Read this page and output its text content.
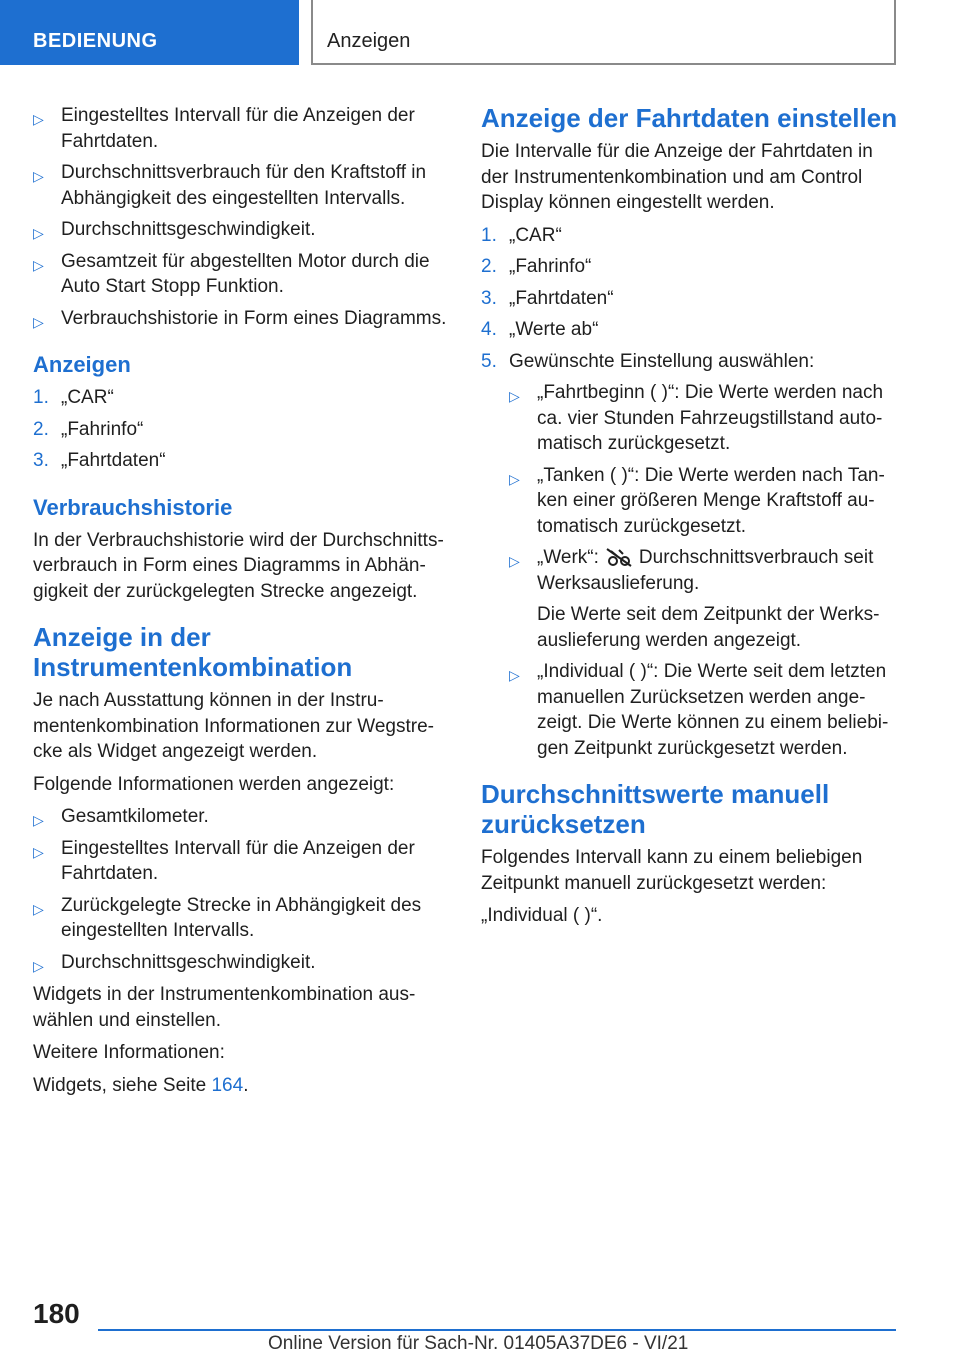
BEDIENUNG	Anzeigen
▷ Eingestelltes Intervall für die Anzeigen der Fahrtdaten.
▷ Durchschnittsverbrauch für den Kraftstoff in Abhängigkeit des eingestellten Intervalls.
▷ Durchschnittsgeschwindigkeit.
▷ Gesamtzeit für abgestellten Motor durch die Auto Start Stopp Funktion.
▷ Verbrauchshistorie in Form eines Diagramms.
Anzeigen
1. „CAR“
2. „Fahrinfo“
3. „Fahrtdaten“
Verbrauchshistorie

In der Verbrauchshistorie wird der Durchschnittsverbrauch in Form eines Diagramms in Abhängigkeit der zurückgelegten Strecke angezeigt.

Anzeige in der Instrumentenkombination

Je nach Ausstattung können in der Instrumentenkombination Informationen zur Wegstrecke als Widget angezeigt werden.

Folgende Informationen werden angezeigt:

▷ Gesamtkilometer.
▷ Eingestelltes Intervall für die Anzeigen der Fahrtdaten.
▷ Zurückgelegte Strecke in Abhängigkeit des eingestellten Intervalls.
▷ Durchschnittsgeschwindigkeit.

Widgets in der Instrumentenkombination auswählen und einstellen.

Weitere Informationen:

Widgets, siehe Seite 164.

Anzeige der Fahrtdaten einstellen

Die Intervalle für die Anzeige der Fahrtdaten in der Instrumentenkombination und am Control Display können eingestellt werden.

1. „CAR“
2. „Fahrinfo“
3. „Fahrtdaten“
4. „Werte ab“
5. Gewünschte Einstellung auswählen:
▷ „Fahrtbeginn ( )“: Die Werte werden nach ca. vier Stunden Fahrzeugstillstand automatisch zurückgesetzt.
▷ „Tanken ( )“: Die Werte werden nach Tanken einer größeren Menge Kraftstoff automatisch zurückgesetzt.
▷ „Werk“: Durchschnittsverbrauch seit Werksauslieferung.
Die Werte seit dem Zeitpunkt der Werksauslieferung werden angezeigt.
▷ „Individual ( )“: Die Werte seit dem letzten manuellen Zurücksetzen werden angezeigt. Die Werte können zu einem beliebigen Zeitpunkt zurückgesetzt werden.
Durchschnittswerte manuell zurücksetzen

Folgendes Intervall kann zu einem beliebigen Zeitpunkt manuell zurückgesetzt werden:

„Individual ( )“.

180
Online Version für Sach-Nr. 01405A37DE6 - VI/21
